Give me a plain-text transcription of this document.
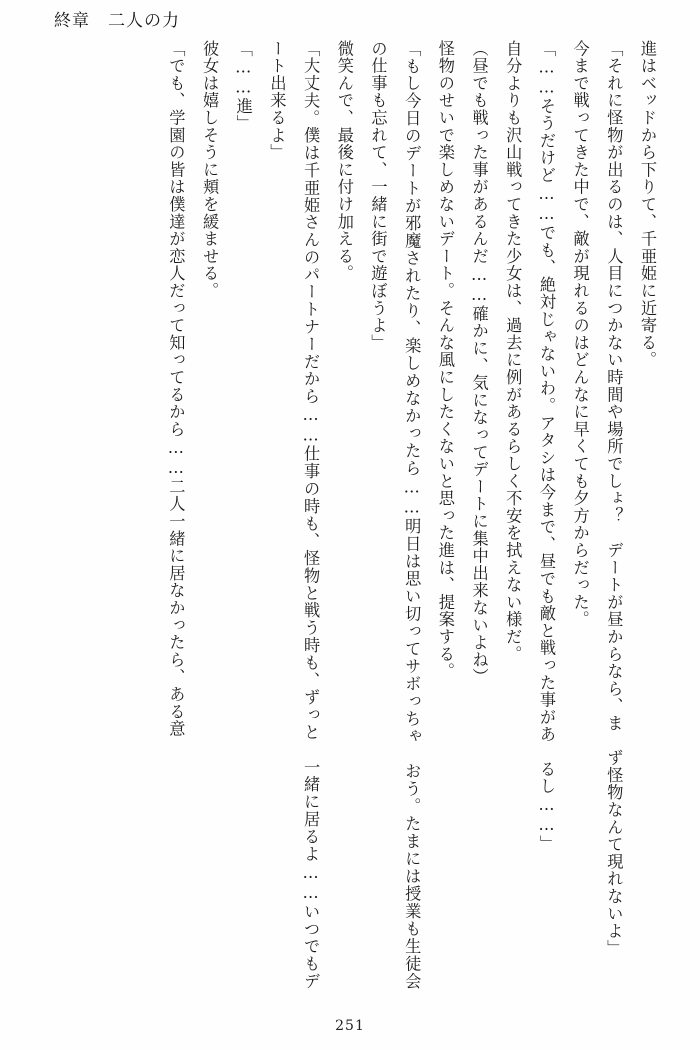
終章 二人の力

進はベッドから下りて、千亜姫に近寄る。

「それに怪物が出るのは、人目につかない時間や場所でしょ？　デートが昼からなら、ま　ず怪物なんて現れないよ」

今まで戦ってきた中で、敵が現れるのはどんなに早くても夕方からだった。

「……そうだけど……でも、絶対じゃないわ。アタシは今まで、昼でも敵と戦った事があ　るし……」

自分よりも沢山戦ってきた少女は、過去に例があるらしく不安を拭えない様だ。

（昼でも戦った事があるんだ……確かに、気になってデートに集中出来ないよね）

怪物のせいで楽しめないデート。そんな風にしたくないと思った進は、提案する。

「もし今日のデートが邪魔されたり、楽しめなかったら……明日は思い切ってサボっちゃ　おう。たまには授業も生徒会の仕事も忘れて、一緒に街で遊ぼうよ」

微笑んで、最後に付け加える。

「大丈夫。僕は千亜姫さんのパートナーだから……仕事の時も、怪物と戦う時も、ずっと　一緒に居るよ……いつでもデート出来るよ」

「……進」

彼女は嬉しそうに頬を緩ませる。

「でも、学園の皆は僕達が恋人だって知ってるから……二人一緒に居なかったら、ある意

251
